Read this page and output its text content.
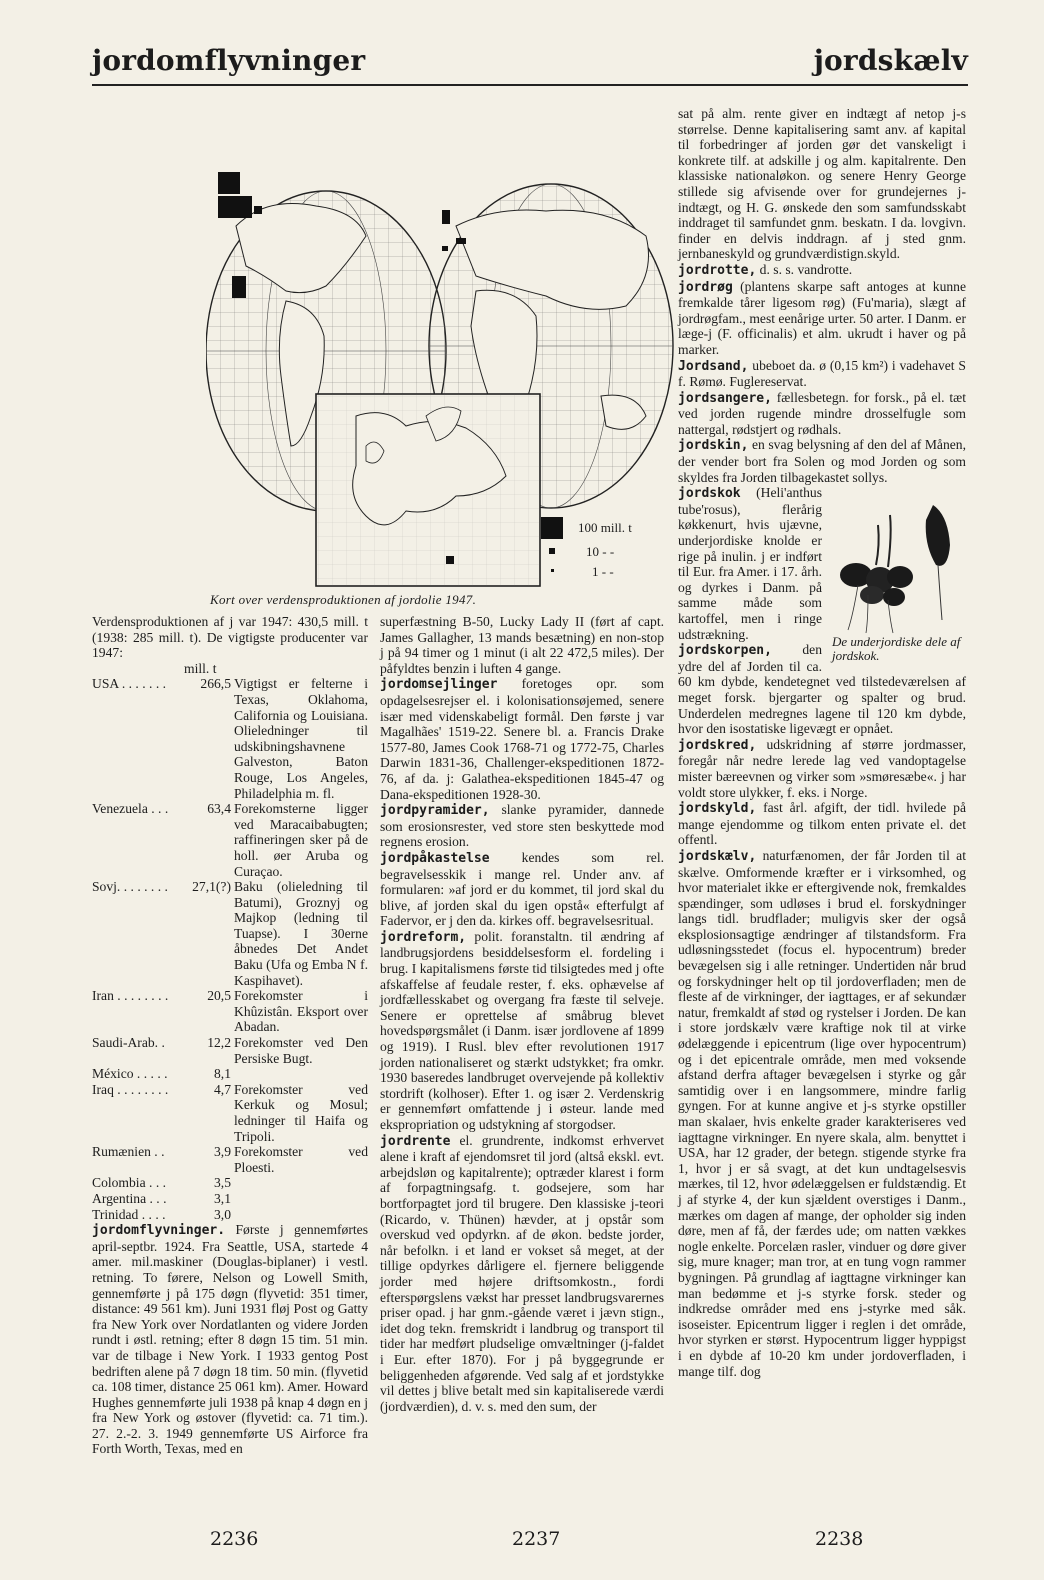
jordomflyvninger	jordskælv
100 mill. t
10 - -
1 - -
Kort over verdensproduktionen af jordolie 1947.

Verdensproduktionen af j var 1947: 430,5 mill. t (1938: 285 mill. t). De vigtigste producenter var 1947:

mill. t

USA . . . . . . .	266,5 Vigtigst er felterne i Texas, Oklahoma, California og Louisiana. Olieledninger til udskibningshavnene Galveston, Baton Rouge, Los Angeles, Philadelphia m. fl.
Venezuela . . .	63,4 Forekomsterne ligger ved Maracaibabugten; raffineringen sker på de holl. øer Aruba og Curaçao.
Sovj. . . . . . . .	27,1(?) Baku (olieledning til Batumi), Groznyj og Majkop (ledning til Tuapse). I 30erne åbnedes Det Andet Baku (Ufa og Emba N f. Kaspihavet).
Iran . . . . . . . .	20,5 Forekomster i Khûzistân. Eksport over Abadan.
Saudi-Arab. .	12,2 Forekomster ved Den Persiske Bugt.
México . . . . .	8,1
Iraq . . . . . . . .	4,7 Forekomster ved Kerkuk og Mosul; ledninger til Haifa og Tripoli.
Rumænien . .	3,9 Forekomster ved Ploesti.
Colombia . . .	3,5
Argentina . . .	3,1
Trinidad . . . .	3,0

jordomflyvninger. Første j gennemførtes april-septbr. 1924. Fra Seattle, USA, startede 4 amer. mil.maskiner (Douglas-biplaner) i vestl. retning. To førere, Nelson og Lowell Smith, gennemførte j på 175 døgn (flyvetid: 351 timer, distance: 49 561 km). Juni 1931 fløj Post og Gatty fra New York over Nordatlanten og videre Jorden rundt i østl. retning; efter 8 døgn 15 tim. 51 min. var de tilbage i New York. I 1933 gentog Post bedriften alene på 7 døgn 18 tim. 50 min. (flyvetid ca. 108 timer, distance 25 061 km). Amer. Howard Hughes gennemførte juli 1938 på knap 4 døgn en j fra New York og østover (flyvetid: ca. 71 tim.). 27. 2.-2. 3. 1949 gennemførte US Airforce fra Forth Worth, Texas, med en

superfæstning B-50, Lucky Lady II (ført af capt. James Gallagher, 13 mands besætning) en non-stop j på 94 timer og 1 minut (i alt 22 472,5 miles). Der påfyldtes benzin i luften 4 gange.

jordomsejlinger foretoges opr. som opdagelsesrejser el. i kolonisationsøjemed, senere især med videnskabeligt formål. Den første j var Magalhães' 1519-22. Senere bl. a. Francis Drake 1577-80, James Cook 1768-71 og 1772-75, Charles Darwin 1831-36, Challenger-ekspeditionen 1872-76, af da. j: Galathea-ekspeditionen 1845-47 og Dana-ekspeditionen 1928-30.

jordpyramider, slanke pyramider, dannede som erosionsrester, ved store sten beskyttede mod regnens erosion.

jordpåkastelse kendes som rel. begravelsesskik i mange rel. Under anv. af formularen: »af jord er du kommet, til jord skal du blive, af jorden skal du igen opstå« efterfulgt af Fadervor, er j den da. kirkes off. begravelsesritual.

jordreform, polit. foranstaltn. til ændring af landbrugsjordens besiddelsesform el. fordeling i brug. I kapitalismens første tid tilsigtedes med j ofte afskaffelse af feudale rester, f. eks. ophævelse af jordfællesskabet og overgang fra fæste til selveje. Senere er oprettelse af småbrug blevet hovedspørgsmålet (i Danm. især jordlovene af 1899 og 1919). I Rusl. blev efter revolutionen 1917 jorden nationaliseret og stærkt udstykket; fra omkr. 1930 baseredes landbruget overvejende på kollektiv stordrift (kolhoser). Efter 1. og især 2. Verdenskrig er gennemført omfattende j i østeur. lande med ekspropriation og udstykning af storgodser.

jordrente el. grundrente, indkomst erhvervet alene i kraft af ejendomsret til jord (altså ekskl. evt. arbejdsløn og kapitalrente); optræder klarest i form af forpagtningsafg. t. godsejere, som har bortforpagtet jord til brugere. Den klassiske j-teori (Ricardo, v. Thünen) hævder, at j opstår som overskud ved opdyrkn. af de økon. bedste jorder, når befolkn. i et land er vokset så meget, at der tillige opdyrkes dårligere el. fjernere beliggende jorder med højere driftsomkostn., fordi efterspørgslens vækst har presset landbrugsvarernes priser opad. j har gnm.-gående været i jævn stign., idet dog tekn. fremskridt i landbrug og transport til tider har medført pludselige omvæltninger (j-faldet i Eur. efter 1870). For j på byggegrunde er beliggenheden afgørende. Ved salg af et jordstykke vil dettes j blive betalt med sin kapitaliserede værdi (jordværdien), d. v. s. med den sum, der

sat på alm. rente giver en indtægt af netop j-s størrelse. Denne kapitalisering samt anv. af kapital til forbedringer af jorden gør det vanskeligt i konkrete tilf. at adskille j og alm. kapitalrente. Den klassiske nationaløkon. og senere Henry George stillede sig afvisende over for grundejernes j-indtægt, og H. G. ønskede den som samfundsskabt inddraget til samfundet gnm. beskatn. I da. lovgivn. finder en delvis inddragn. af j sted gnm. jernbaneskyld og grundværdistign.skyld.

jordrotte, d. s. s. vandrotte.

jordrøg (plantens skarpe saft antoges at kunne fremkalde tårer ligesom røg) (Fu'maria), slægt af jordrøgfam., mest eenårige urter. 50 arter. I Danm. er læge-j (F. officinalis) et alm. ukrudt i haver og på marker.

Jordsand, ubeboet da. ø (0,15 km²) i vadehavet S f. Rømø. Fuglereservat.

jordsangere, fællesbetegn. for forsk., på el. tæt ved jorden rugende mindre drosselfugle som nattergal, rødstjert og rødhals.

jordskin, en svag belysning af den del af Månen, der vender bort fra Solen og mod Jorden og som skyldes fra Jorden tilbagekastet sollys.

De underjordiske dele af jordskok.

jordskok (Heli'anthus tube'rosus), flerårig køkkenurt, hvis ujævne, underjordiske knolde er rige på inulin. j er indført til Eur. fra Amer. i 17. årh. og dyrkes i Danm. på samme måde som kartoffel, men i ringe udstrækning.

jordskorpen, den ydre del af Jorden til ca. 60 km dybde, kendetegnet ved tilstedeværelsen af meget forsk. bjergarter og spalter og brud. Underdelen medregnes lagene til 120 km dybde, hvor den isostatiske ligevægt er opnået.

jordskred, udskridning af større jordmasser, foregår når nedre lerede lag ved vandoptagelse mister bæreevnen og virker som »smøresæbe«. j har voldt store ulykker, f. eks. i Norge.

jordskyld, fast årl. afgift, der tidl. hvilede på mange ejendomme og tilkom enten private el. det offentl.

jordskælv, naturfænomen, der får Jorden til at skælve. Omformende kræfter er i virksomhed, og hvor materialet ikke er eftergivende nok, fremkaldes spændinger, som udløses i brud el. forskydninger langs tidl. brudflader; muligvis sker der også eksplosionsagtige ændringer af tilstandsform. Fra udløsningsstedet (focus el. hypocentrum) breder bevægelsen sig i alle retninger. Undertiden når brud og forskydninger helt op til jordoverfladen; men de fleste af de virkninger, der iagttages, er af sekundær natur, fremkaldt af stød og rystelser i Jorden. De kan i store jordskælv være kraftige nok til at virke ødelæggende i epicentrum (lige over hypocentrum) og i det epicentrale område, men med voksende afstand derfra aftager bevægelsen i styrke og går samtidig over i en langsommere, mindre farlig gyngen. For at kunne angive et j-s styrke opstiller man skalaer, hvis enkelte grader karakteriseres ved iagttagne virkninger. En nyere skala, alm. benyttet i USA, har 12 grader, der betegn. stigende styrke fra 1, hvor j er så svagt, at det kun undtagelsesvis mærkes, til 12, hvor ødelæggelsen er fuldstændig. Et j af styrke 4, der kun sjældent overstiges i Danm., mærkes om dagen af mange, der opholder sig inden døre, men af få, der færdes ude; om natten vækkes nogle enkelte. Porcelæn rasler, vinduer og døre giver sig, mure knager; man tror, at en tung vogn rammer bygningen. På grundlag af iagttagne virkninger kan man bedømme et j-s styrke forsk. steder og indkredse områder med ens j-styrke med såk. isoseister. Epicentrum ligger i reglen i det område, hvor styrken er størst. Hypocentrum ligger hyppigst i en dybde af 10-20 km under jordoverfladen, i mange tilf. dog

2236	2237	2238
